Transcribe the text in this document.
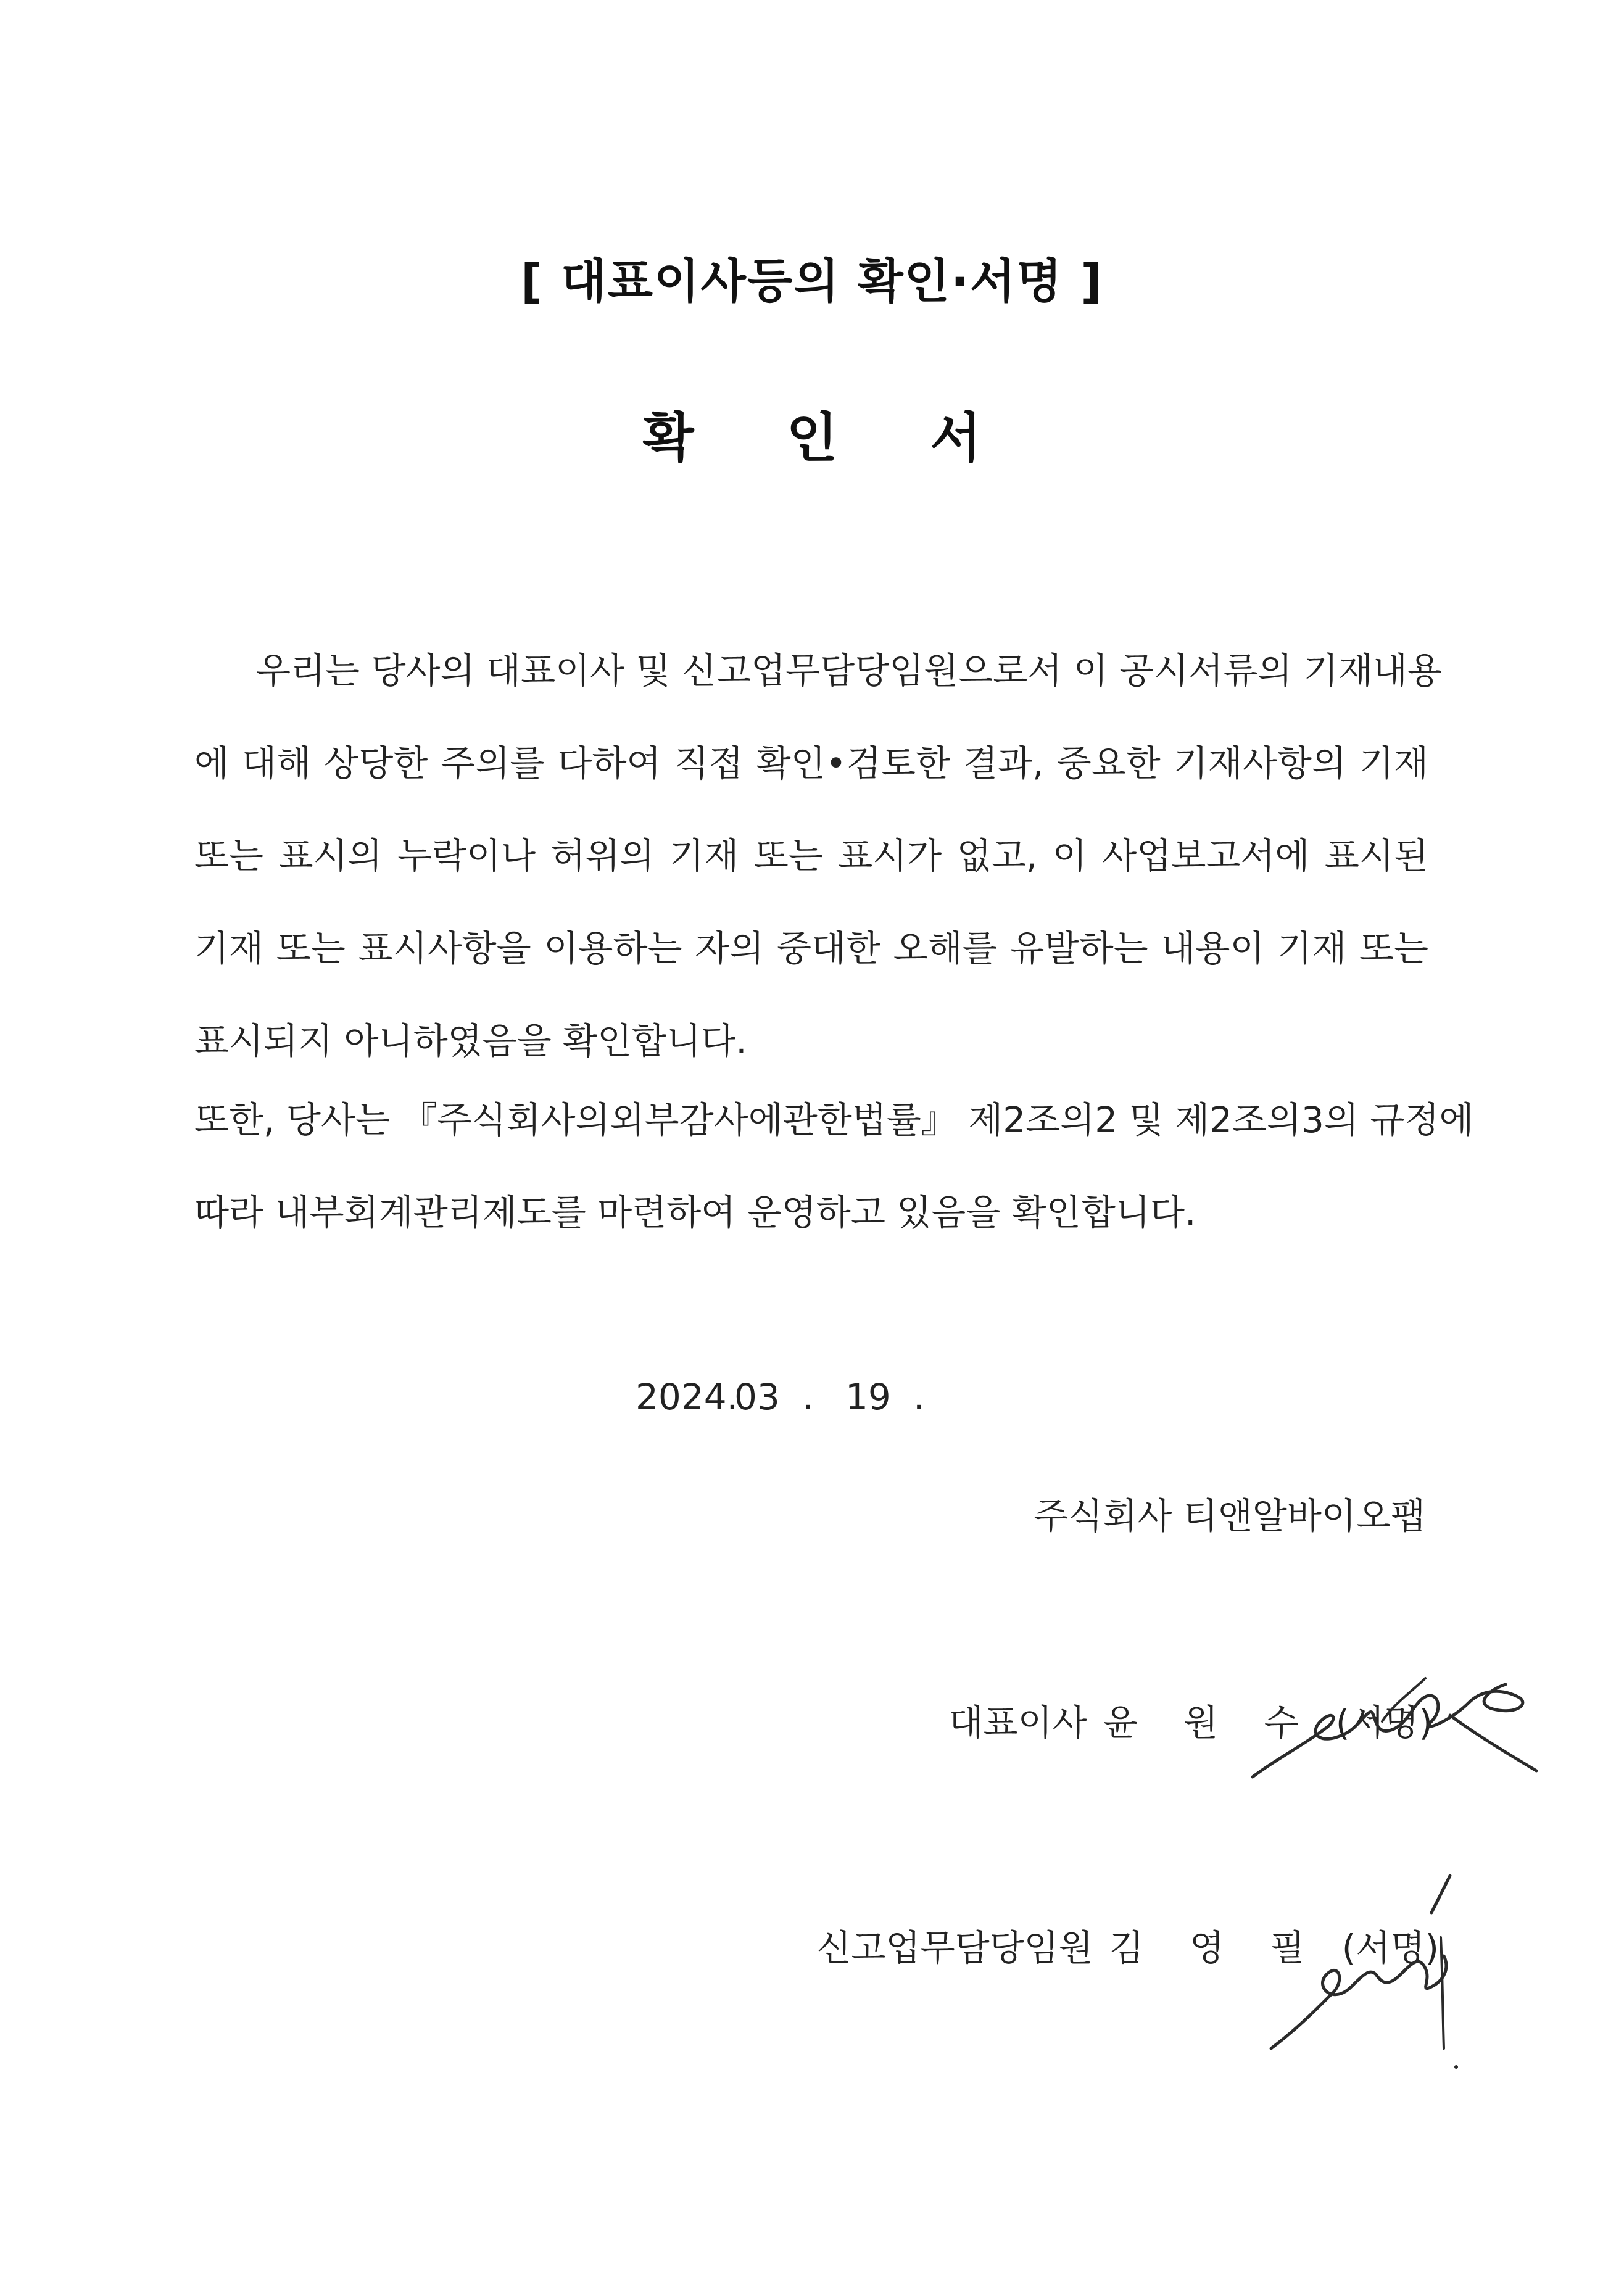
[ 대표이사등의 확인·서명 ]
확 인 서
우리는 당사의 대표이사 및 신고업무담당임원으로서 이 공시서류의 기재내용
에 대해 상당한 주의를 다하여 직접 확인•검토한 결과, 중요한 기재사항의 기재
또는 표시의 누락이나 허위의 기재 또는 표시가 없고, 이 사업보고서에 표시된
기재 또는 표시사항을 이용하는 자의 중대한 오해를 유발하는 내용이 기재 또는
표시되지 아니하였음을 확인합니다.
또한, 당사는 『주식회사의외부감사에관한법률』 제2조의2 및 제2조의3의 규정에
따라 내부회계관리제도를 마련하여 운영하고 있음을 확인합니다.
2024.03 . 19 .
주식회사 티앤알바이오팹
대표이사 윤 원 수 (서명)
신고업무담당임원 김 영 필 (서명)
